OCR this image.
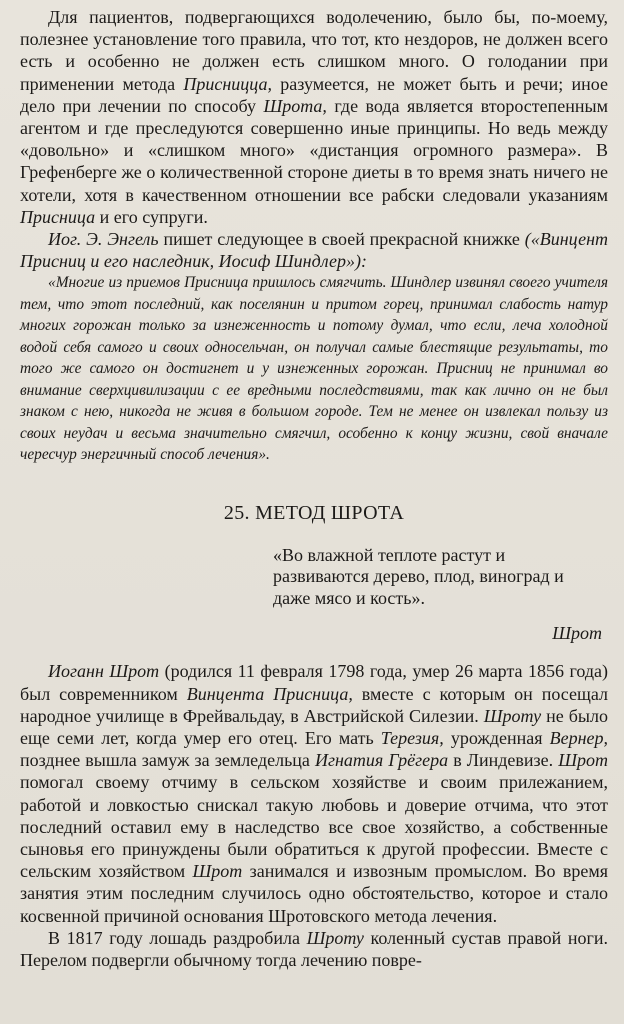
Для пациентов, подвергающихся водолечению, было бы, по-моему, полезнее установление того правила, что тот, кто нездоров, не должен всего есть и особенно не должен есть слишком много. О голодании при применении метода Присницца, разумеется, не может быть и речи; иное дело при лечении по способу Шрота, где вода является второстепенным агентом и где преследуются совершенно иные принципы. Но ведь между «довольно» и «слишком много» «дистанция огромного размера». В Грефенберге же о количественной стороне диеты в то время знать ничего не хотели, хотя в качественном отношении все рабски следовали указаниям Присница и его супруги.

Иог. Э. Энгель пишет следующее в своей прекрасной книжке («Винцент Присниц и его наследник, Иосиф Шиндлер»):

«Многие из приемов Присница пришлось смягчить. Шиндлер извинял своего учителя тем, что этот последний, как поселянин и притом горец, принимал слабость натур многих горожан только за изнеженность и потому думал, что если, леча холодной водой себя самого и своих односельчан, он получал самые блестящие результаты, то того же самого он достигнет и у изнеженных горожан. Присниц не принимал во внимание сверхцивилизации с ее вредными последствиями, так как лично он не был знаком с нею, никогда не живя в большом городе. Тем не менее он извлекал пользу из своих неудач и весьма значительно смягчил, особенно к концу жизни, свой вначале чересчур энергичный способ лечения».

25. МЕТОД ШРОТА
«Во влажной теплоте растут и развиваются дерево, плод, виноград и даже мясо и кость».
Шрот

Иоганн Шрот (родился 11 февраля 1798 года, умер 26 марта 1856 года) был современником Винцента Присница, вместе с которым он посещал народное училище в Фрейвальдау, в Австрийской Силезии. Шроту не было еще семи лет, когда умер его отец. Его мать Терезия, урожденная Вернер, позднее вышла замуж за земледельца Игнатия Грёгера в Линдевизе. Шрот помогал своему отчиму в сельском хозяйстве и своим прилежанием, работой и ловкостью снискал такую любовь и доверие отчима, что этот последний оставил ему в наследство все свое хозяйство, а собственные сыновья его принуждены были обратиться к другой профессии. Вместе с сельским хозяйством Шрот занимался и извозным промыслом. Во время занятия этим последним случилось одно обстоятельство, которое и стало косвенной причиной основания Шротовского метода лечения.

В 1817 году лошадь раздробила Шроту коленный сустав правой ноги. Перелом подвергли обычному тогда лечению повре-
